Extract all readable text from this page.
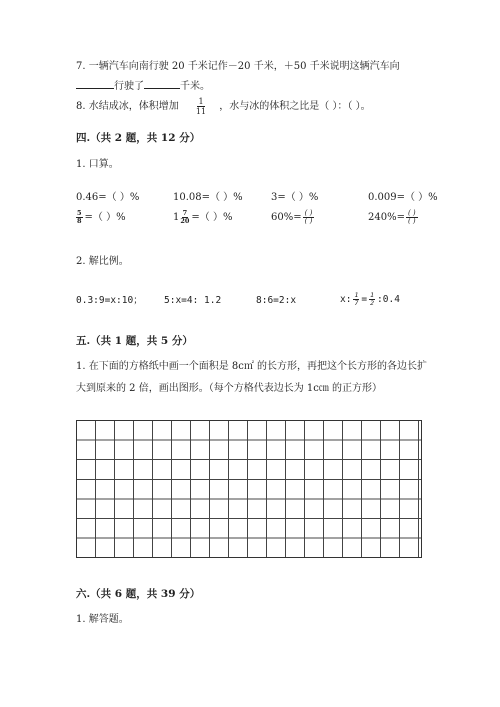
7. 一辆汽车向南行驶 20 千米记作－20 千米，＋50 千米说明这辆汽车向
行驶了	千米。
8. 水结成冰，体积增加 $\frac{1}{11}$ ，水与冰的体积之比是（ ）：（ ）。
四.（共 2 题，共 12 分）
1. 口算。
0.46=（ ）%	10.08=（ ）%	3=（ ）%	0.009=（ ）%
$\frac{5}{8}$ =（ ）%	$1 \frac{7}{20}$ =（ ）%	$60\%= \frac{( )}{( )}$	$240\%= \frac{( )}{( )}$
2. 解比例。
0.3:9=x:10； 5:x=4: 1.2	8:6=2:x	x: $\frac{1}{7} = \frac{1}{2}$ :0.4
五.（共 1 题，共 5 分）
1. 在下面的方格纸中画一个面积是 8c㎡ 的长方形，再把这个长方形的各边长扩
大到原来的 2 倍，画出图形。（每个方格代表边长为 1c㎝ 的正方形）
六.（共 6 题，共 39 分）
1. 解答题。
